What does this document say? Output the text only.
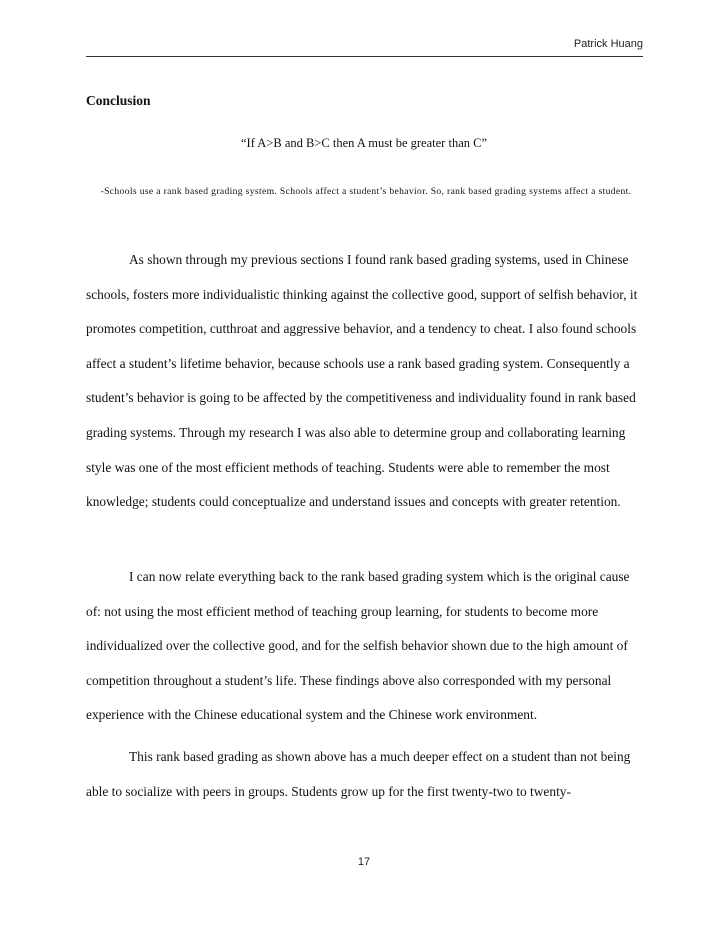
Patrick Huang
Conclusion
“If A>B and B>C then A must be greater than C”
-Schools use a rank based grading system. Schools affect a student’s behavior. So, rank based grading systems affect a student.

As shown through my previous sections I found rank based grading systems, used in Chinese schools, fosters more individualistic thinking against the collective good, support of selfish behavior, it promotes competition, cutthroat and aggressive behavior, and a tendency to cheat. I also found schools affect a student’s lifetime behavior, because schools use a rank based grading system. Consequently a student’s behavior is going to be affected by the competitiveness and individuality found in rank based grading systems. Through my research I was also able to determine group and collaborating learning style was one of the most efficient methods of teaching. Students were able to remember the most knowledge; students could conceptualize and understand issues and concepts with greater retention.

I can now relate everything back to the rank based grading system which is the original cause of: not using the most efficient method of teaching group learning, for students to become more individualized over the collective good, and for the selfish behavior shown due to the high amount of competition throughout a student’s life. These findings above also corresponded with my personal experience with the Chinese educational system and the Chinese work environment.

This rank based grading as shown above has a much deeper effect on a student than not being able to socialize with peers in groups. Students grow up for the first twenty-two to twenty-

17
